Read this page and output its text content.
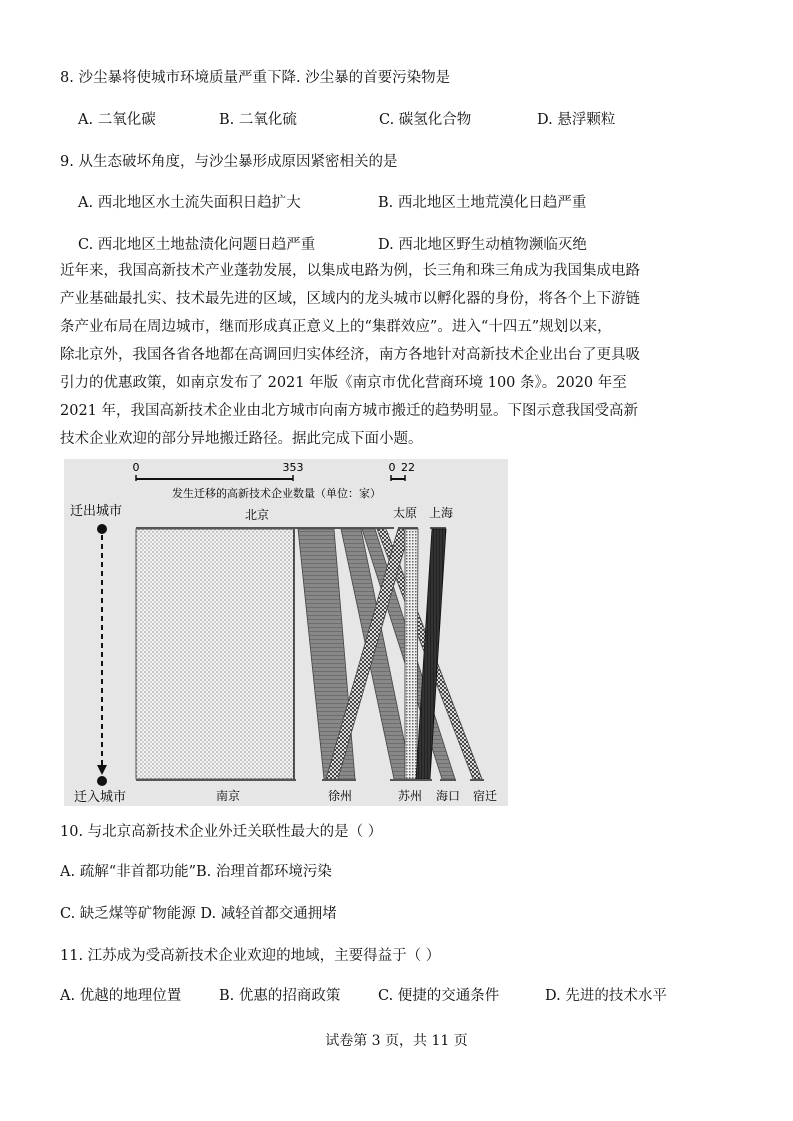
8. 沙尘暴将使城市环境质量严重下降. 沙尘暴的首要污染物是
A. 二氧化碳	B. 二氧化硫	C. 碳氢化合物	D. 悬浮颗粒
9. 从生态破坏角度，与沙尘暴形成原因紧密相关的是
A. 西北地区水土流失面积日趋扩大	B. 西北地区土地荒漠化日趋严重
C. 西北地区土地盐渍化问题日趋严重	D. 西北地区野生动植物濒临灭绝
近年来，我国高新技术产业蓬勃发展，以集成电路为例，长三角和珠三角成为我国集成电路
产业基础最扎实、技术最先进的区域，区域内的龙头城市以孵化器的身份，将各个上下游链
条产业布局在周边城市，继而形成真正意义上的“集群效应”。进入“十四五”规划以来，
除北京外，我国各省各地都在高调回归实体经济，南方各地针对高新技术企业出台了更具吸
引力的优惠政策，如南京发布了 2021 年版《南京市优化营商环境 100 条》。2020 年至
2021 年，我国高新技术企业由北方城市向南方城市搬迁的趋势明显。下图示意我国受高新
技术企业欢迎的部分异地搬迁路径。据此完成下面小题。
0	353	0 22
发生迁移的高新技术企业数量（单位：家）
迁出城市
迁入城市
北京	太原 上海
南京	徐州	苏州 海口 宿迁
10. 与北京高新技术企业外迁关联性最大的是（ ）
A. 疏解“非首都功能”B. 治理首都环境污染
C. 缺乏煤等矿物能源 D. 减轻首都交通拥堵
11. 江苏成为受高新技术企业欢迎的地域，主要得益于（ ）
A. 优越的地理位置	B. 优惠的招商政策	C. 便捷的交通条件	D. 先进的技术水平
试卷第 3 页，共 11 页
